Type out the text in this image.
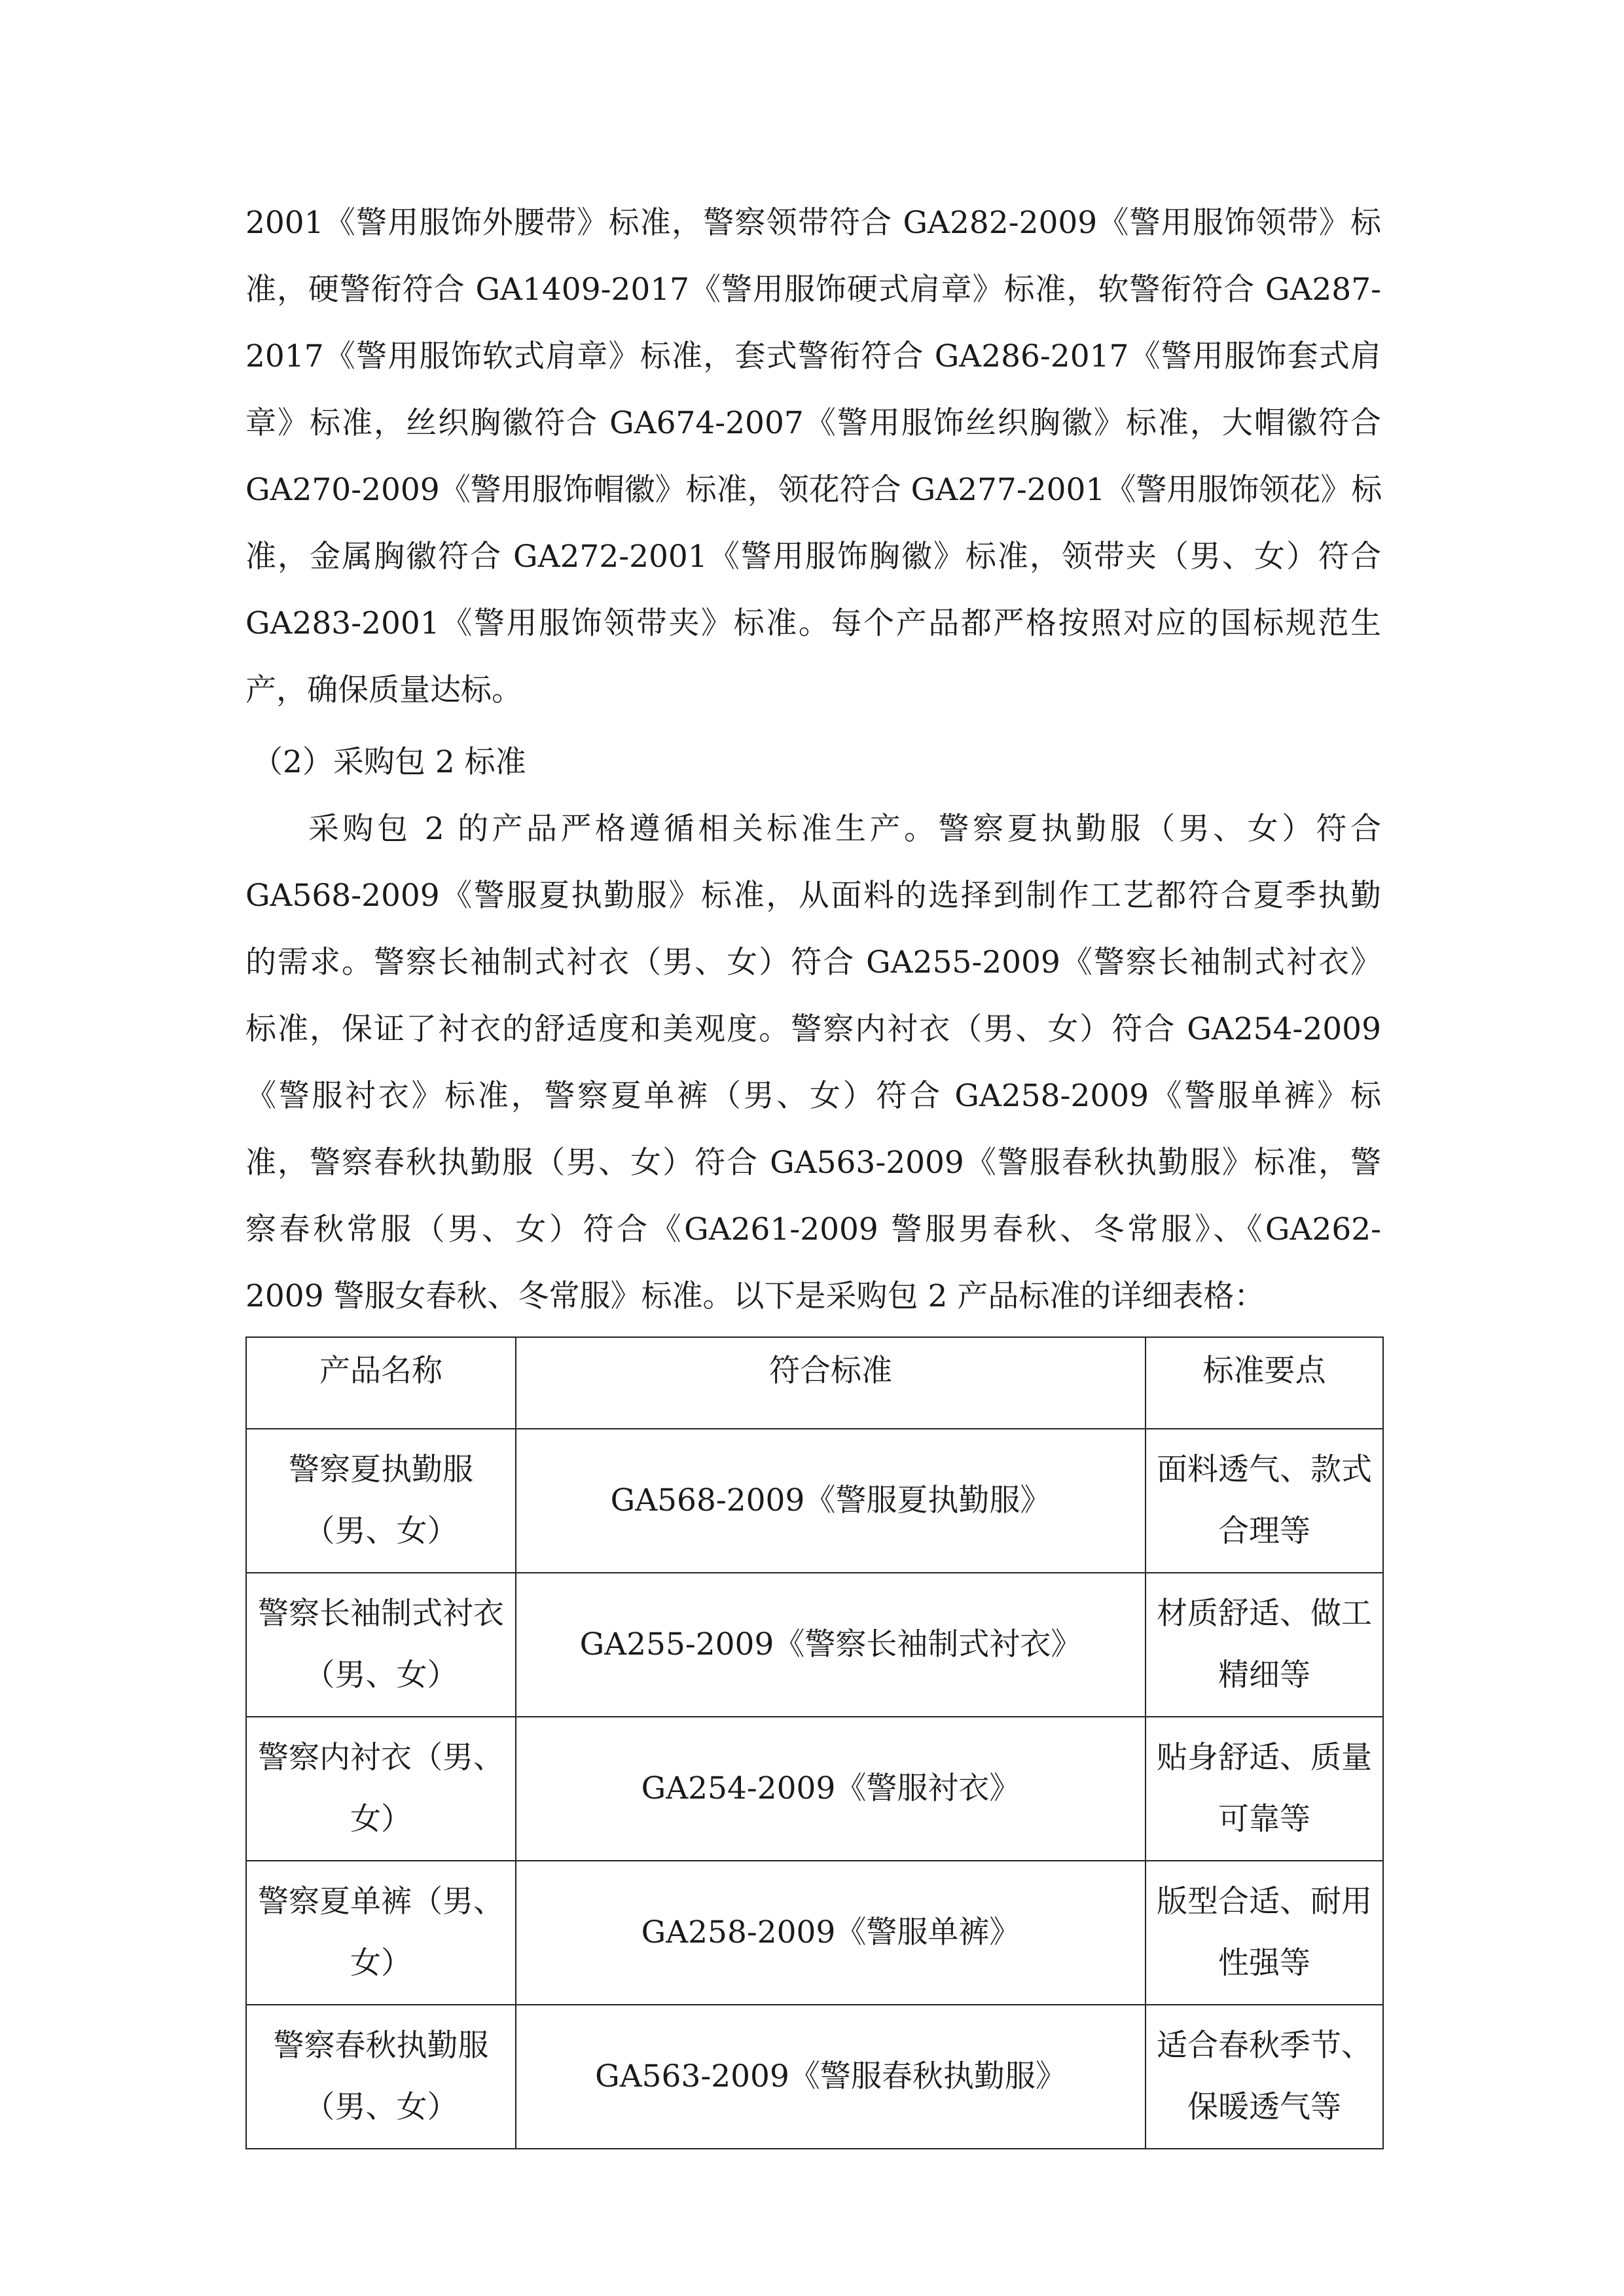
2001《警用服饰外腰带》标准，警察领带符合 GA282-2009《警用服饰领带》标
准，硬警衔符合 GA1409-2017《警用服饰硬式肩章》标准，软警衔符合 GA287-
2017《警用服饰软式肩章》标准，套式警衔符合 GA286-2017《警用服饰套式肩
章》标准，丝织胸徽符合 GA674-2007《警用服饰丝织胸徽》标准，大帽徽符合
GA270-2009《警用服饰帽徽》标准，领花符合 GA277-2001《警用服饰领花》标
准，金属胸徽符合 GA272-2001《警用服饰胸徽》标准，领带夹（男、女）符合
GA283-2001《警用服饰领带夹》标准。每个产品都严格按照对应的国标规范生
产，确保质量达标。
（2）采购包 2 标准
采购包 2 的产品严格遵循相关标准生产。警察夏执勤服（男、女）符合
GA568-2009《警服夏执勤服》标准，从面料的选择到制作工艺都符合夏季执勤
的需求。警察长袖制式衬衣（男、女）符合 GA255-2009《警察长袖制式衬衣》
标准，保证了衬衣的舒适度和美观度。警察内衬衣（男、女）符合 GA254-2009
《警服衬衣》标准，警察夏单裤（男、女）符合 GA258-2009《警服单裤》标
准，警察春秋执勤服（男、女）符合 GA563-2009《警服春秋执勤服》标准，警
察春秋常服（男、女）符合《GA261-2009 警服男春秋、冬常服》、《GA262-
2009 警服女春秋、冬常服》标准。以下是采购包 2 产品标准的详细表格：
产品名称	符合标准	标准要点
警察夏执勤服
（男、女）	GA568-2009《警服夏执勤服》	面料透气、款式
合理等
警察长袖制式衬衣
（男、女）	GA255-2009《警察长袖制式衬衣》	材质舒适、做工
精细等
警察内衬衣（男、
女）	GA254-2009《警服衬衣》	贴身舒适、质量
可靠等
警察夏单裤（男、
女）	GA258-2009《警服单裤》	版型合适、耐用
性强等
警察春秋执勤服
（男、女）	GA563-2009《警服春秋执勤服》	适合春秋季节、
保暖透气等
